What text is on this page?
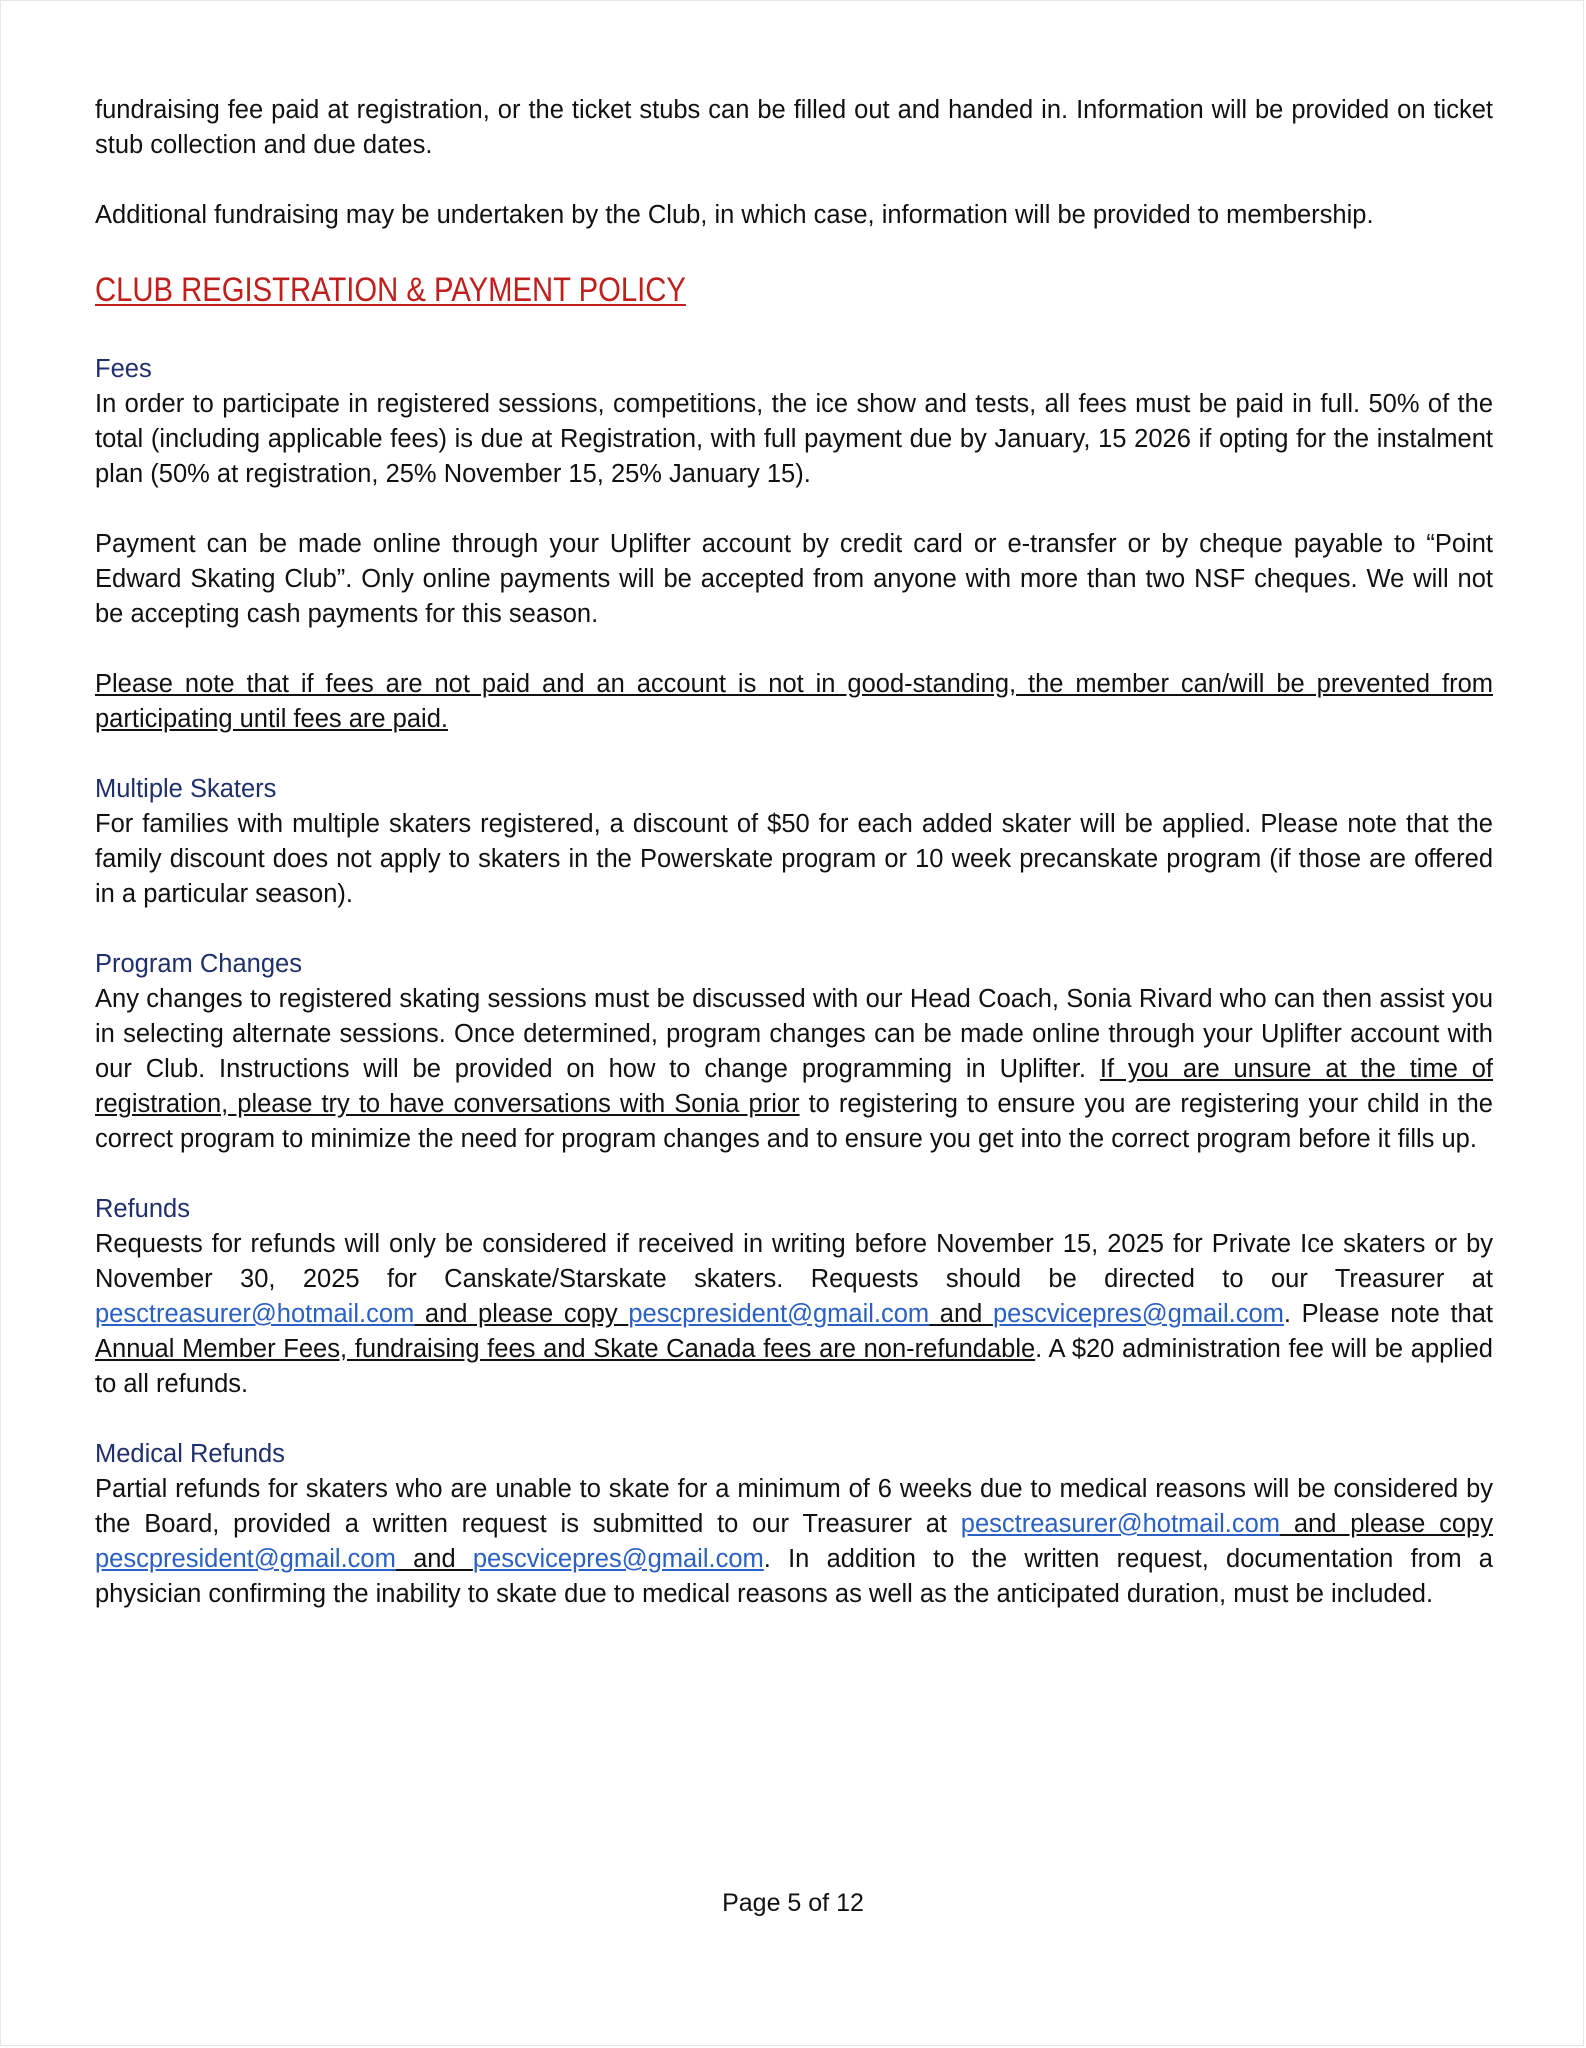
fundraising fee paid at registration, or the ticket stubs can be filled out and handed in. Information will be provided on ticket stub collection and due dates.

Additional fundraising may be undertaken by the Club, in which case, information will be provided to membership.

CLUB REGISTRATION & PAYMENT POLICY
Fees

In order to participate in registered sessions, competitions, the ice show and tests, all fees must be paid in full. 50% of the total (including applicable fees) is due at Registration, with full payment due by January, 15 2026 if opting for the instalment plan (50% at registration, 25% November 15, 25% January 15).

Payment can be made online through your Uplifter account by credit card or e-transfer or by cheque payable to “Point Edward Skating Club”. Only online payments will be accepted from anyone with more than two NSF cheques. We will not be accepting cash payments for this season.

Please note that if fees are not paid and an account is not in good-standing, the member can/will be prevented from participating until fees are paid.

Multiple Skaters

For families with multiple skaters registered, a discount of $50 for each added skater will be applied. Please note that the family discount does not apply to skaters in the Powerskate program or 10 week precanskate program (if those are offered in a particular season).

Program Changes

Any changes to registered skating sessions must be discussed with our Head Coach, Sonia Rivard who can then assist you in selecting alternate sessions. Once determined, program changes can be made online through your Uplifter account with our Club. Instructions will be provided on how to change programming in Uplifter. If you are unsure at the time of registration, please try to have conversations with Sonia prior to registering to ensure you are registering your child in the correct program to minimize the need for program changes and to ensure you get into the correct program before it fills up.

Refunds

Requests for refunds will only be considered if received in writing before November 15, 2025 for Private Ice skaters or by November 30, 2025 for Canskate/Starskate skaters. Requests should be directed to our Treasurer at pesctreasurer@hotmail.com and please copy pescpresident@gmail.com and pescvicepres@gmail.com. Please note that Annual Member Fees, fundraising fees and Skate Canada fees are non-refundable. A $20 administration fee will be applied to all refunds.

Medical Refunds

Partial refunds for skaters who are unable to skate for a minimum of 6 weeks due to medical reasons will be considered by the Board, provided a written request is submitted to our Treasurer at pesctreasurer@hotmail.com and please copy pescpresident@gmail.com and pescvicepres@gmail.com. In addition to the written request, documentation from a physician confirming the inability to skate due to medical reasons as well as the anticipated duration, must be included.

Page 5 of 12
